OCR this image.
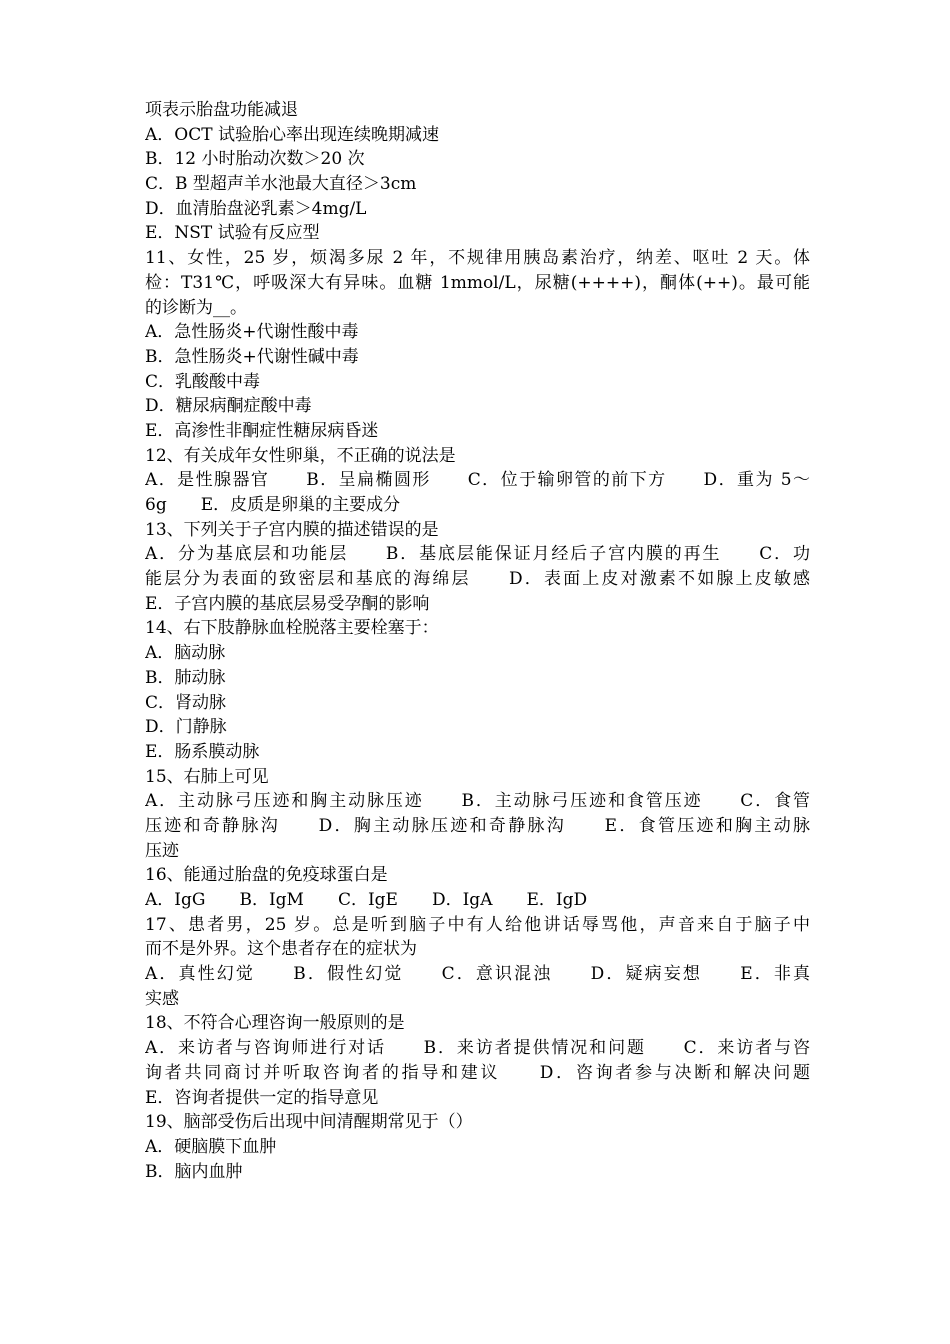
项表示胎盘功能减退
A．OCT 试验胎心率出现连续晚期减速
B．12 小时胎动次数＞20 次
C．B 型超声羊水池最大直径＞3cm
D．血清胎盘泌乳素＞4mg/L
E．NST 试验有反应型
11、女性，25 岁，烦渴多尿 2 年，不规律用胰岛素治疗，纳差、呕吐 2 天。体
检：T31℃，呼吸深大有异味。血糖 1mmol/L，尿糖(++++)，酮体(++)。最可能
的诊断为__。
A．急性肠炎+代谢性酸中毒
B．急性肠炎+代谢性碱中毒
C．乳酸酸中毒
D．糖尿病酮症酸中毒
E．高渗性非酮症性糖尿病昏迷
12、有关成年女性卵巢，不正确的说法是
A．是性腺器官　　B．呈扁椭圆形　　C．位于输卵管的前下方　　D．重为 5～
6g　　E．皮质是卵巢的主要成分
13、下列关于子宫内膜的描述错误的是
A．分为基底层和功能层　　B．基底层能保证月经后子宫内膜的再生　　C．功
能层分为表面的致密层和基底的海绵层　　D．表面上皮对激素不如腺上皮敏感
E．子宫内膜的基底层易受孕酮的影响
14、右下肢静脉血栓脱落主要栓塞于：
A．脑动脉
B．肺动脉
C．肾动脉
D．门静脉
E．肠系膜动脉
15、右肺上可见
A．主动脉弓压迹和胸主动脉压迹　　B．主动脉弓压迹和食管压迹　　C．食管
压迹和奇静脉沟　　D．胸主动脉压迹和奇静脉沟　　E．食管压迹和胸主动脉
压迹
16、能通过胎盘的免疫球蛋白是
A．IgG　　B．IgM　　C．IgE　　D．IgA　　E．IgD
17、患者男，25 岁。总是听到脑子中有人给他讲话辱骂他，声音来自于脑子中
而不是外界。这个患者存在的症状为
A．真性幻觉　　B．假性幻觉　　C．意识混浊　　D．疑病妄想　　E．非真
实感
18、不符合心理咨询一般原则的是
A．来访者与咨询师进行对话　　B．来访者提供情况和问题　　C．来访者与咨
询者共同商讨并听取咨询者的指导和建议　　D．咨询者参与决断和解决问题
E．咨询者提供一定的指导意见
19、脑部受伤后出现中间清醒期常见于（）
A．硬脑膜下血肿
B．脑内血肿
